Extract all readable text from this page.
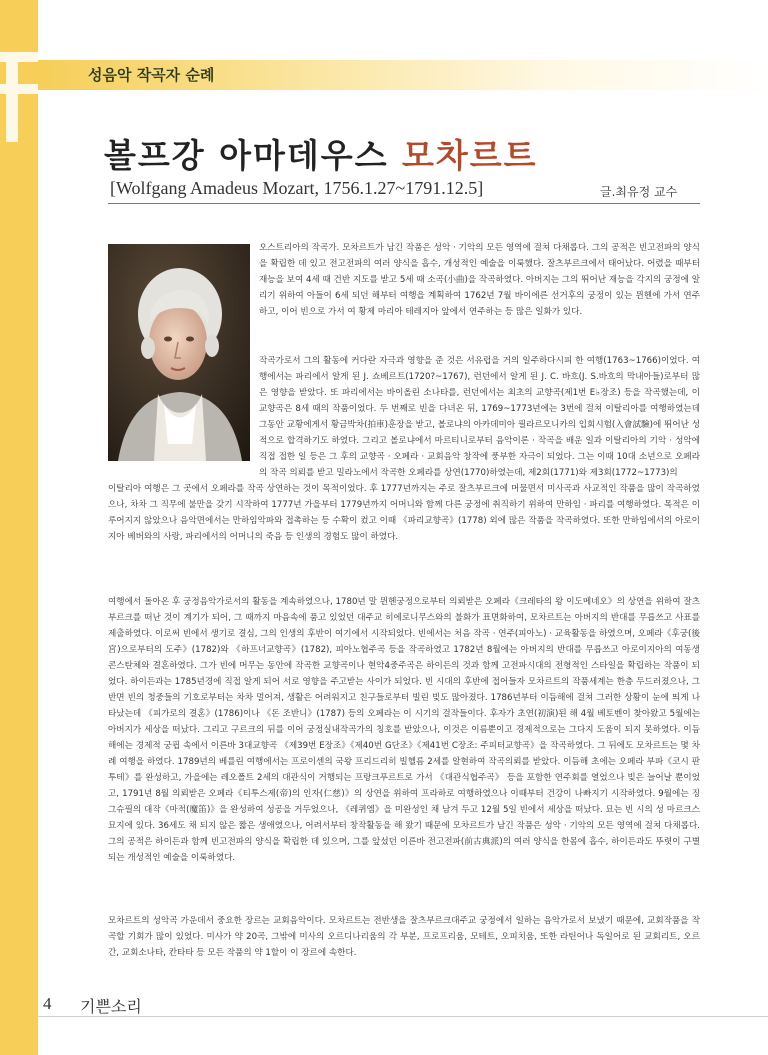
성음악 작곡자 순례
볼프강 아마데우스 모차르트
[Wolfgang Amadeus Mozart, 1756.1.27~1791.12.5]	글.최유정 교수
오스트리아의 작곡가. 모차르트가 남긴 작품은 성악 · 기악의 모든 영역에 걸쳐 다채롭다. 그의 공적은 빈고전파의 양식을 확립한 데 있고 전고전파의 여러 양식을 흡수, 개성적인 예술을 이룩했다. 잘츠부르크에서 태어났다. 어렸을 때부터 재능을 보여 4세 때 건반 지도를 받고 5세 때 소곡(小曲)을 작곡하였다. 아버지는 그의 뛰어난 재능을 각지의 궁정에 알리기 위하여 아들이 6세 되던 해부터 여행을 계획하여 1762년 7월 바이에른 선거후의 궁정이 있는 뮌헨에 가서 연주하고, 이어 빈으로 가서 여 황제 마리아 테레지아 앞에서 연주하는 등 많은 일화가 있다.
작곡가로서 그의 활동에 커다란 자극과 영향을 준 것은 서유럽을 거의 일주하다시피 한 여행(1763~1766)이었다. 여행에서는 파리에서 알게 된 J. 쇼베르트(1720?~1767), 런던에서 알게 된 J. C. 바흐(J. S.바흐의 막내아들)로부터 많은 영향을 받았다. 또 파리에서는 바이올린 소나타를, 런던에서는 최초의 교향곡(제1번 E♭장조) 등을 작곡했는데, 이 교향곡은 8세 때의 작품이었다. 두 번째로 빈을 다녀온 뒤, 1769~1773년에는 3번에 걸쳐 이탈리아를 여행하였는데 그동안 교황에게서 황금박차(拍車)훈장을 받고, 볼로냐의 아카데미아 필라르모니카의 입회시험(入會試驗)에 뛰어난 성적으로 합격하기도 하였다. 그리고 볼로냐에서 마르티니로부터 음악이론 · 작곡을 배운 일과 이탈리아의 기악 · 성악에 직접 접한 일 등은 그 후의 교향곡 · 오페라 · 교회음악 창작에 풍부한 자극이 되었다. 그는 이때 10대 소년으로 오페라의 작곡 의뢰를 받고 밀라노에서 작곡한 오페라를 상연(1770)하였는데, 제2회(1771)와 제3회(1772~1773)의
이탈리아 여행은 그 곳에서 오페라를 작곡 상연하는 것이 목적이었다. 후 1777년까지는 주로 잘츠부르크에 머물면서 미사곡과 사교적인 작품을 많이 작곡하였으나, 차차 그 직무에 불만을 갖기 시작하여 1777년 가을부터 1779년까지 어머니와 함께 다른 궁정에 취직하기 위하여 만하임 · 파리를 여행하였다. 목적은 이루어지지 않았으나 음악면에서는 만하임악파와 접촉하는 등 수확이 컸고 이때 《파리교향곡》(1778) 외에 많은 작품을 작곡하였다. 또한 만하임에서의 아로이지아 베버와의 사랑, 파리에서의 어머니의 죽음 등 인생의 경험도 많이 하였다.
여행에서 돌아온 후 궁정음악가로서의 활동을 계속하였으나, 1780년 말 뮌헨궁정으로부터 의뢰받은 오페라《크레타의 왕 이도메네오》의 상연을 위하여 잘츠부르크를 떠난 것이 계기가 되어, 그 때까지 마음속에 품고 있었던 대주교 히에로니무스와의 불화가 표면화하여, 모차르트는 아버지의 반대를 무릅쓰고 사표를 제출하였다. 이로써 빈에서 생기로 결심, 그의 인생의 후반이 여기에서 시작되었다. 빈에서는 처음 작곡 · 연주(피아노) · 교육활동을 하였으며, 오페라《후궁(後宮)으로부터의 도주》(1782)와 《하프너교향곡》(1782), 피아노협주곡 등을 작곡하였고 1782년 8월에는 아버지의 반대를 무릅쓰고 아로이지아의 여동생 콘스탄체와 결혼하였다. 그가 빈에 머무는 동안에 작곡한 교향곡이나 현악4중주곡은 하이든의 것과 함께 고전파시대의 전형적인 스타일을 확립하는 작품이 되었다. 하이든과는 1785년경에 직접 알게 되어 서로 영향을 주고받는 사이가 되었다. 빈 시대의 후반에 접어들자 모차르트의 작품세계는 한층 두드러졌으나, 그 반면 빈의 청중들의 기호로부터는 차차 멀어져, 생활은 어려워지고 친구들로부터 빌린 빚도 많아졌다. 1786년부터 이듬해에 걸쳐 그러한 상황이 눈에 띄게 나타났는데 《피가로의 결혼》(1786)이나 《돈 조반니》(1787) 등의 오페라는 이 시기의 걸작들이다. 후자가 초연(初演)된 해 4월 베토벤이 찾아왔고 5월에는 아버지가 세상을 떠났다. 그리고 구르크의 뒤를 이어 궁정실내작곡가의 칭호를 받았으나, 이것은 이름뿐이고 경제적으로는 그다지 도움이 되지 못하였다. 이듬해에는 경제적 궁핍 속에서 이른바 3대교향곡 《제39번 E장조》《제40번 G단조》《제41번 C장조: 주피터교향곡》을 작곡하였다. 그 뒤에도 모차르트는 몇 차례 여행을 하였다. 1789년의 베를린 여행에서는 프로이센의 국왕 프리드리히 빌헬름 2세를 알현하여 작곡의뢰를 받았다. 이듬해 초에는 오페라 부파《코시 판 투테》를 완성하고, 가을에는 레오폴트 2세의 대관식이 거행되는 프랑크푸르트로 가서 《대관식협주곡》 등을 포함한 연주회를 열었으나 빚은 늘어날 뿐이었고, 1791년 8월 의뢰받은 오페라《티투스제(帝)의 인자(仁慈)》의 상연을 위하여 프라하로 여행하였으나 이때부터 건강이 나빠지기 시작하였다. 9월에는 징그슈필의 대작《마적(魔笛)》을 완성하여 성공을 거두었으나, 《레퀴엠》을 미완성인 채 남겨 두고 12월 5일 빈에서 세상을 떠났다. 묘는 빈 시의 성 마르크스 묘지에 있다. 36세도 채 되지 않은 짧은 생애였으나, 어려서부터 창작활동을 해 왔기 때문에 모차르트가 남긴 작품은 성악 · 기악의 모든 영역에 걸쳐 다채롭다. 그의 공적은 하이든과 함께 빈고전파의 양식을 확립한 데 있으며, 그를 앞섰던 이른바 전고전파(前古典派)의 여러 양식을 한몸에 흡수, 하이든과도 뚜렷이 구별되는 개성적인 예술을 이룩하였다.
모차르트의 성악곡 가운데서 중요한 장르는 교회음악이다. 모차르트는 전반생을 잘츠부르크대주교 궁정에서 일하는 음악가로서 보냈기 때문에, 교회작품을 작곡할 기회가 많이 있었다. 미사가 약 20곡, 그밖에 미사의 오르디나리움의 각 부분, 프로프리움, 모테트, 오피치움, 또한 라틴어나 독일어로 된 교회리트, 오르간, 교회소나타, 칸타타 등 모든 작품의 약 1할이 이 장르에 속한다.
4 기쁜소리
